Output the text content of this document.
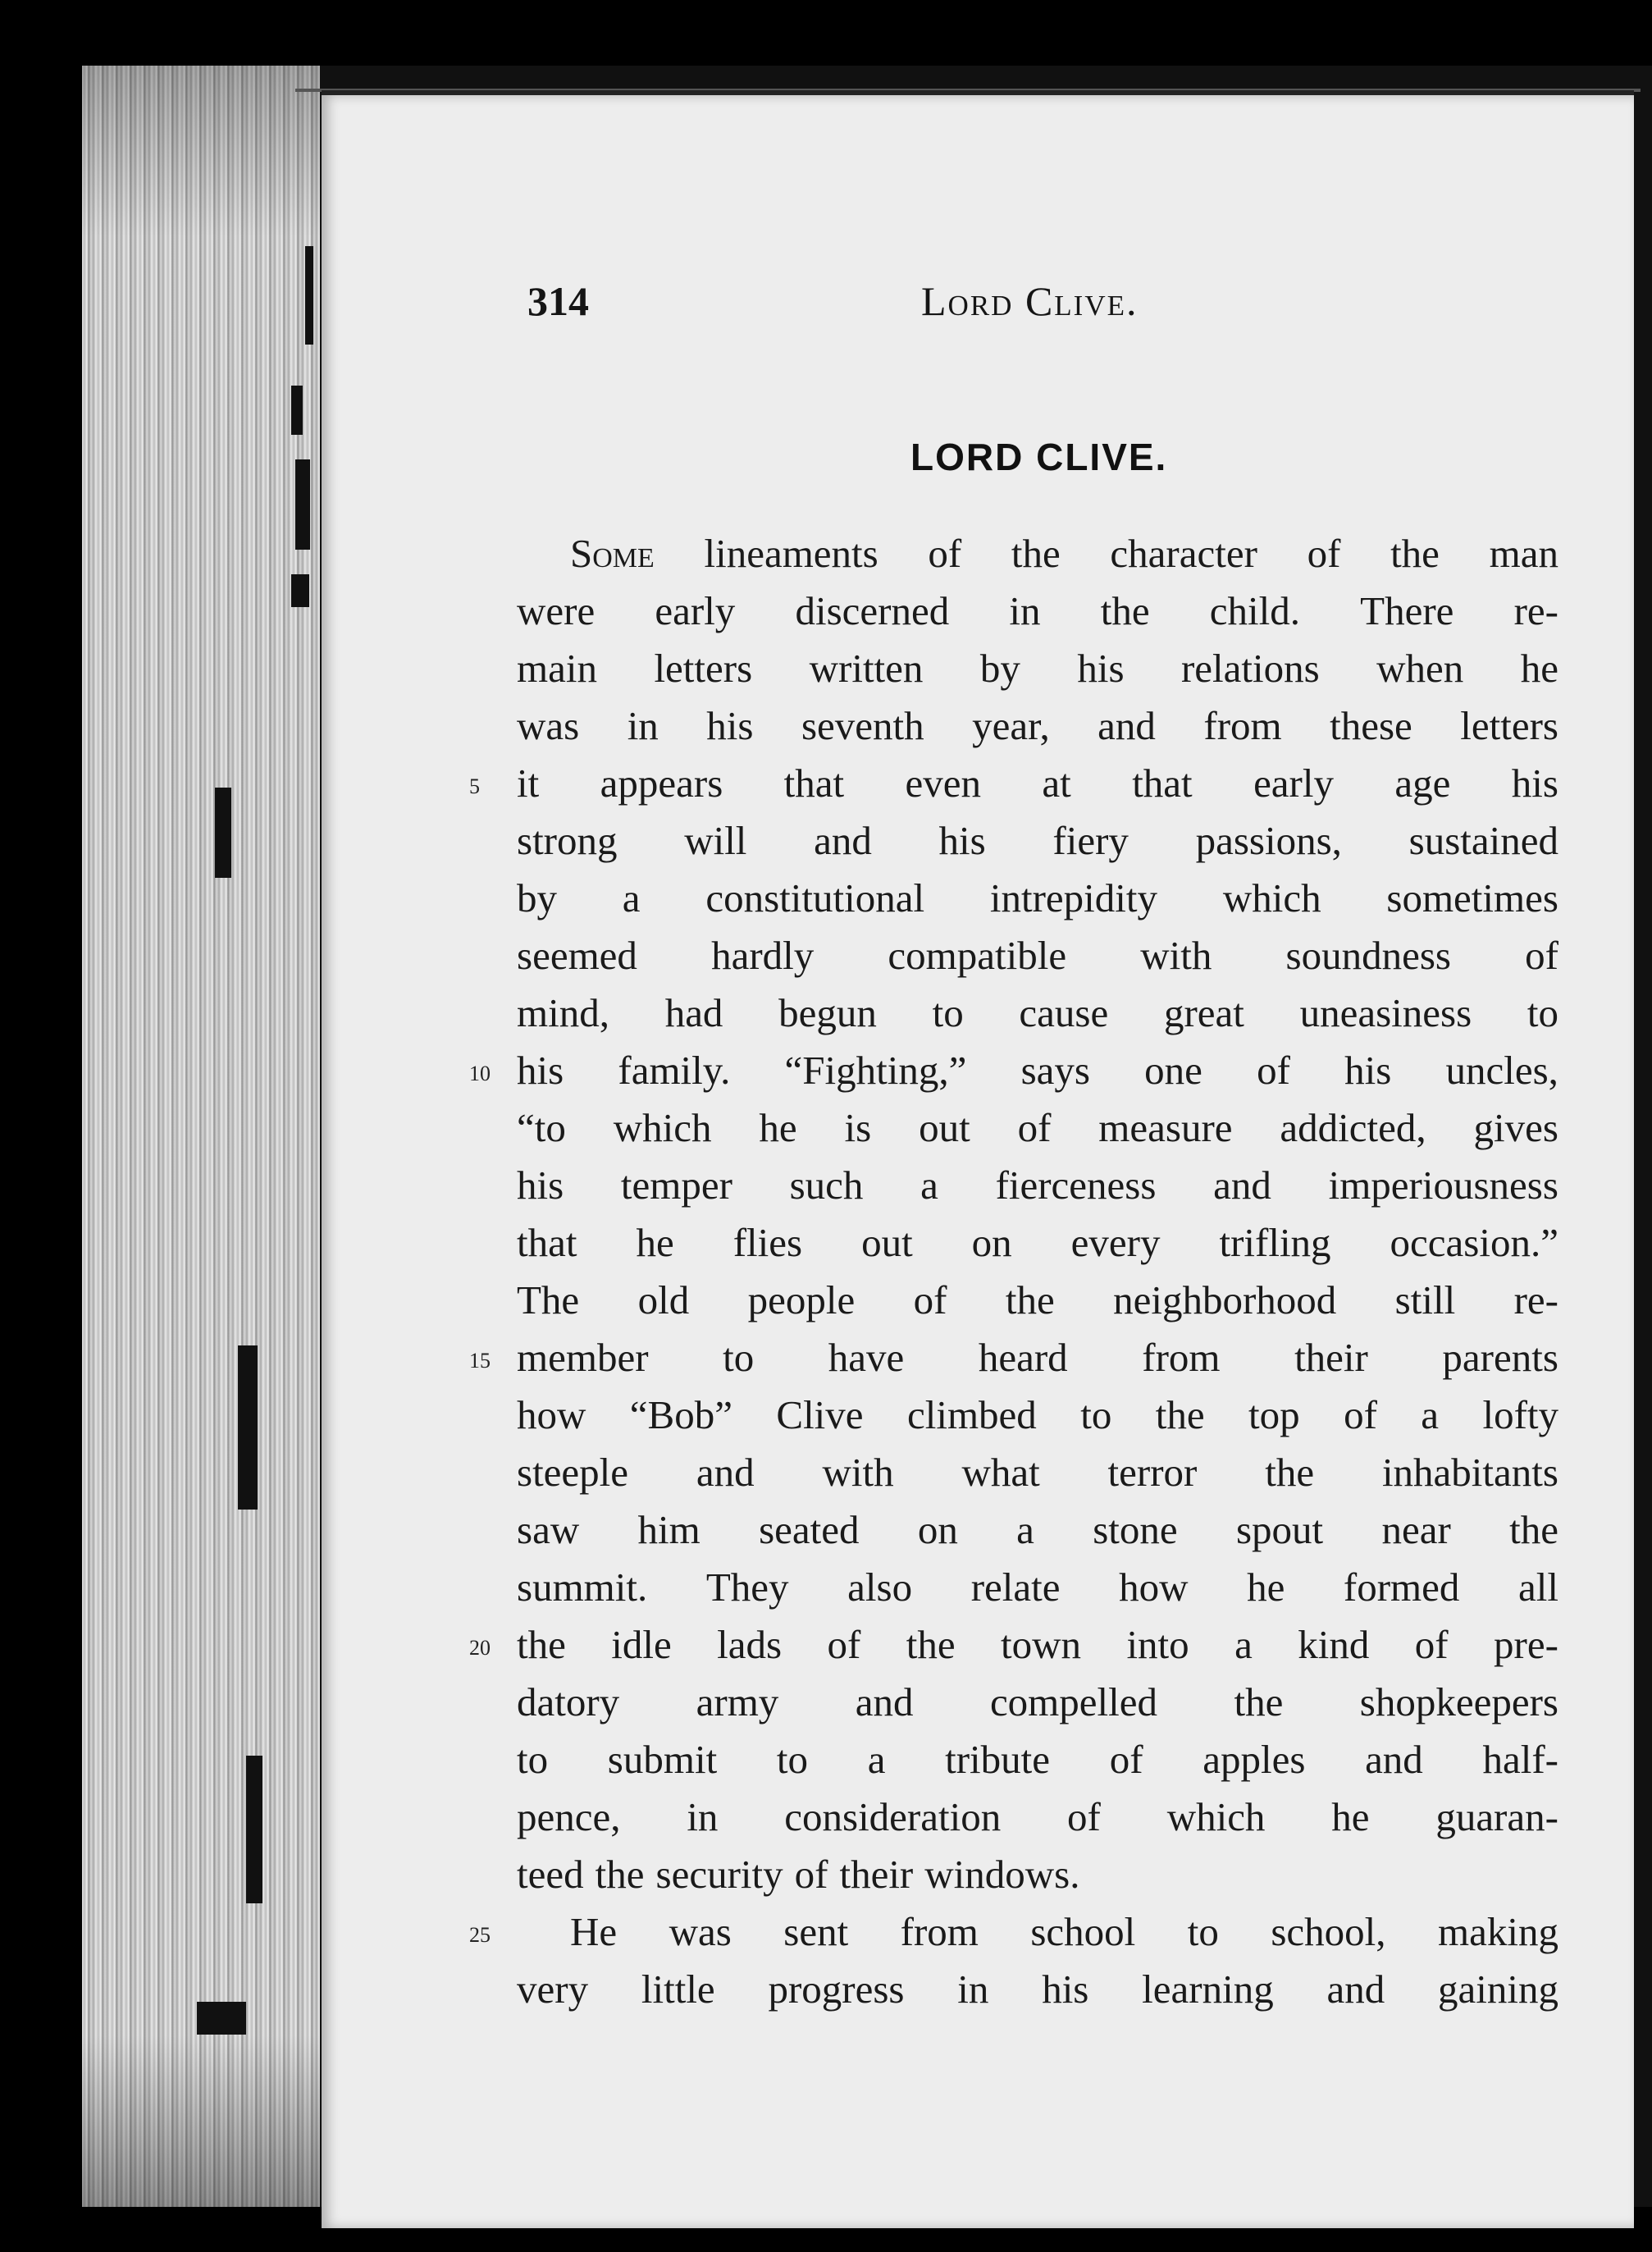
314	Lord Clive.
LORD CLIVE.
Some lineaments of the character of the man
were early discerned in the child. There re-
main letters written by his relations when he
was in his seventh year, and from these letters
5 it appears that even at that early age his
strong will and his fiery passions, sustained
by a constitutional intrepidity which sometimes
seemed hardly compatible with soundness of
mind, had begun to cause great uneasiness to
10 his family. “Fighting,” says one of his uncles,
“to which he is out of measure addicted, gives
his temper such a fierceness and imperiousness
that he flies out on every trifling occasion.”
The old people of the neighborhood still re-
15 member to have heard from their parents
how “Bob” Clive climbed to the top of a lofty
steeple and with what terror the inhabitants
saw him seated on a stone spout near the
summit. They also relate how he formed all
20 the idle lads of the town into a kind of pre-
datory army and compelled the shopkeepers
to submit to a tribute of apples and half-
pence, in consideration of which he guaran-
teed the security of their windows.
25	He was sent from school to school, making
very little progress in his learning and gaining
